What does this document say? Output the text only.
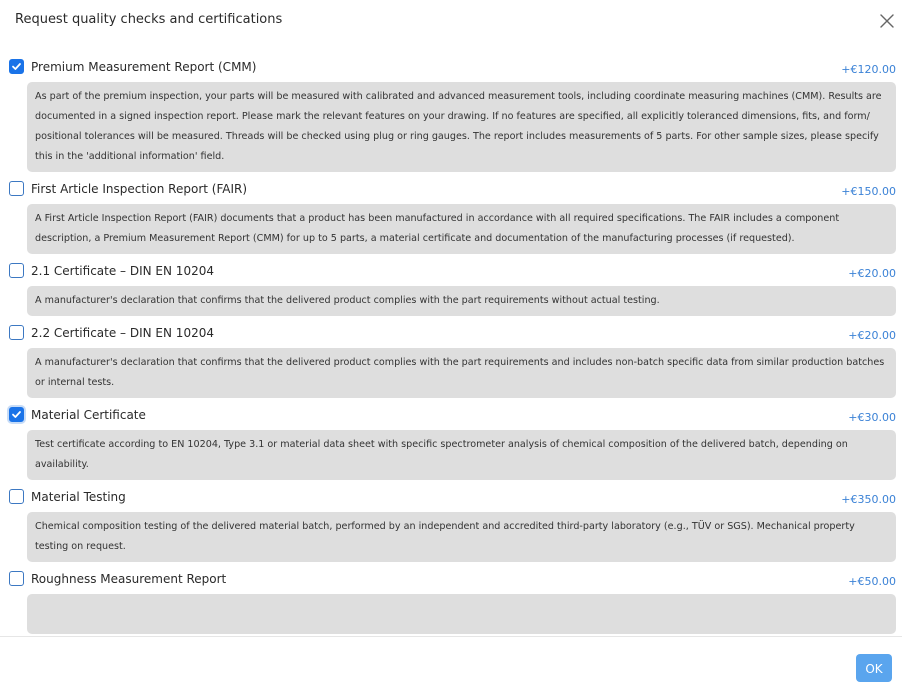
Request quality checks and certifications
Premium Measurement Report (CMM)	+€120.00
As part of the premium inspection, your parts will be measured with calibrated and advanced measurement tools, including coordinate measuring machines (CMM). Results are documented in a signed inspection report. Please mark the relevant features on your drawing. If no features are specified, all explicitly toleranced dimensions, fits, and form/ positional tolerances will be measured. Threads will be checked using plug or ring gauges. The report includes measurements of 5 parts. For other sample sizes, please specify this in the 'additional information' field.
First Article Inspection Report (FAIR)	+€150.00
A First Article Inspection Report (FAIR) documents that a product has been manufactured in accordance with all required specifications. The FAIR includes a component description, a Premium Measurement Report (CMM) for up to 5 parts, a material certificate and documentation of the manufacturing processes (if requested).
2.1 Certificate – DIN EN 10204	+€20.00
A manufacturer's declaration that confirms that the delivered product complies with the part requirements without actual testing.
2.2 Certificate – DIN EN 10204	+€20.00
A manufacturer's declaration that confirms that the delivered product complies with the part requirements and includes non-batch specific data from similar production batches or internal tests.
Material Certificate	+€30.00
Test certificate according to EN 10204, Type 3.1 or material data sheet with specific spectrometer analysis of chemical composition of the delivered batch, depending on availability.
Material Testing	+€350.00
Chemical composition testing of the delivered material batch, performed by an independent and accredited third-party laboratory (e.g., TÜV or SGS). Mechanical property testing on request.
Roughness Measurement Report	+€50.00
OK
